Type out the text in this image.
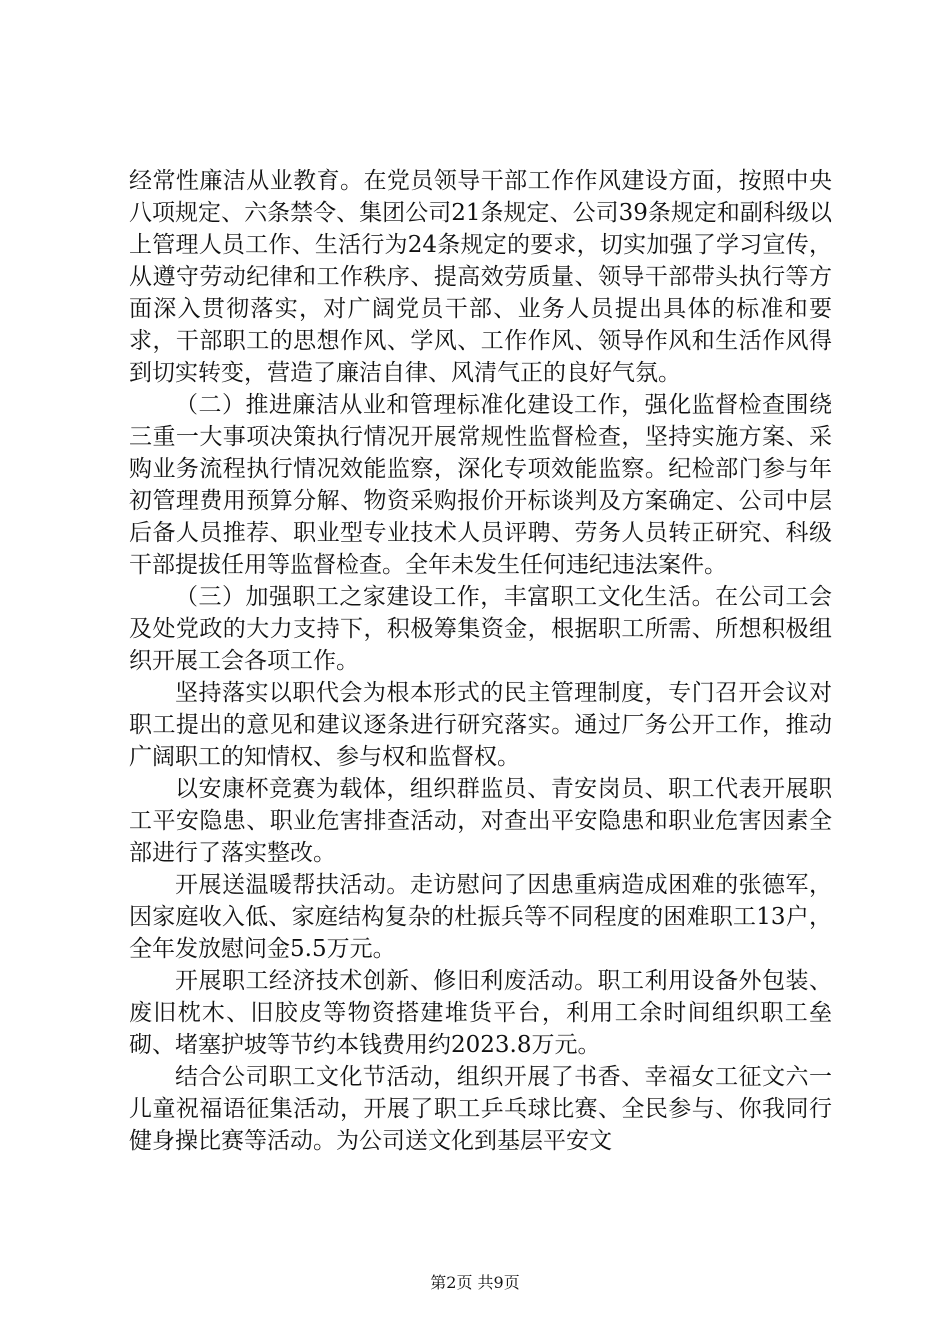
经常性廉洁从业教育。在党员领导干部工作作风建设方面，按照中央八项规定、六条禁令、集团公司21条规定、公司39条规定和副科级以上管理人员工作、生活行为24条规定的要求，切实加强了学习宣传，从遵守劳动纪律和工作秩序、提高效劳质量、领导干部带头执行等方面深入贯彻落实，对广阔党员干部、业务人员提出具体的标准和要求，干部职工的思想作风、学风、工作作风、领导作风和生活作风得到切实转变，营造了廉洁自律、风清气正的良好气氛。

（二）推进廉洁从业和管理标准化建设工作，强化监督检查围绕三重一大事项决策执行情况开展常规性监督检查，坚持实施方案、采购业务流程执行情况效能监察，深化专项效能监察。纪检部门参与年初管理费用预算分解、物资采购报价开标谈判及方案确定、公司中层后备人员推荐、职业型专业技术人员评聘、劳务人员转正研究、科级干部提拔任用等监督检查。全年未发生任何违纪违法案件。

（三）加强职工之家建设工作，丰富职工文化生活。在公司工会及处党政的大力支持下，积极筹集资金，根据职工所需、所想积极组织开展工会各项工作。

坚持落实以职代会为根本形式的民主管理制度，专门召开会议对职工提出的意见和建议逐条进行研究落实。通过厂务公开工作，推动广阔职工的知情权、参与权和监督权。

以安康杯竞赛为载体，组织群监员、青安岗员、职工代表开展职工平安隐患、职业危害排查活动，对查出平安隐患和职业危害因素全部进行了落实整改。

开展送温暖帮扶活动。走访慰问了因患重病造成困难的张德军，因家庭收入低、家庭结构复杂的杜振兵等不同程度的困难职工13户，全年发放慰问金5.5万元。

开展职工经济技术创新、修旧利废活动。职工利用设备外包装、废旧枕木、旧胶皮等物资搭建堆货平台，利用工余时间组织职工垒砌、堵塞护坡等节约本钱费用约2023.8万元。

结合公司职工文化节活动，组织开展了书香、幸福女工征文六一儿童祝福语征集活动，开展了职工乒乓球比赛、全民参与、你我同行健身操比赛等活动。为公司送文化到基层平安文

第2页 共9页
